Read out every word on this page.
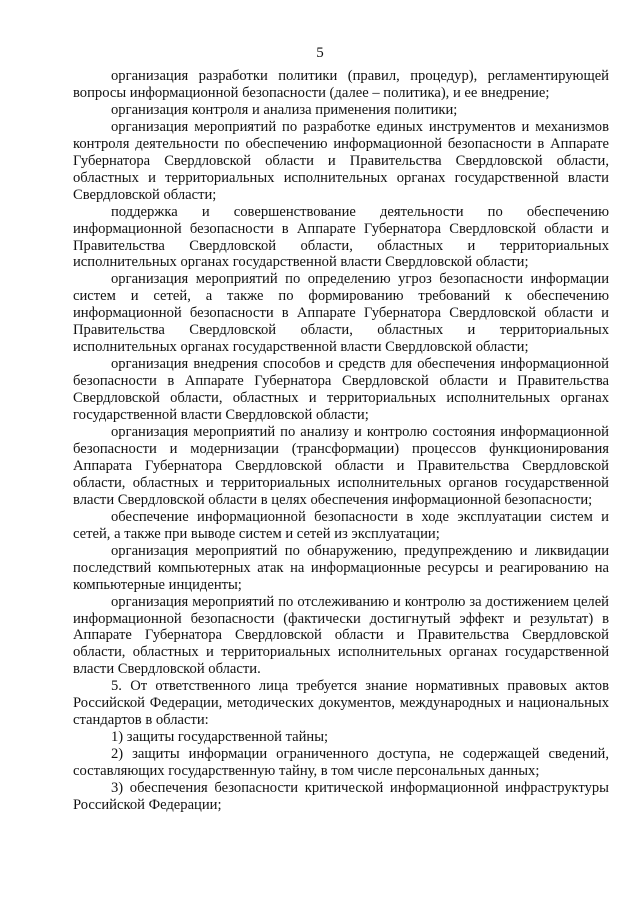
5

организация разработки политики (правил, процедур), регламентирующей вопросы информационной безопасности (далее – политика), и ее внедрение;

организация контроля и анализа применения политики;

организация мероприятий по разработке единых инструментов и механизмов контроля деятельности по обеспечению информационной безопасности в Аппарате Губернатора Свердловской области и Правительства Свердловской области, областных и территориальных исполнительных органах государственной власти Свердловской области;

поддержка и совершенствование деятельности по обеспечению информационной безопасности в Аппарате Губернатора Свердловской области и Правительства Свердловской области, областных и территориальных исполнительных органах государственной власти Свердловской области;

организация мероприятий по определению угроз безопасности информации систем и сетей, а также по формированию требований к обеспечению информационной безопасности в Аппарате Губернатора Свердловской области и Правительства Свердловской области, областных и территориальных исполнительных органах государственной власти Свердловской области;

организация внедрения способов и средств для обеспечения информационной безопасности в Аппарате Губернатора Свердловской области и Правительства Свердловской области, областных и территориальных исполнительных органах государственной власти Свердловской области;

организация мероприятий по анализу и контролю состояния информационной безопасности и модернизации (трансформации) процессов функционирования Аппарата Губернатора Свердловской области и Правительства Свердловской области, областных и территориальных исполнительных органов государственной власти Свердловской области в целях обеспечения информационной безопасности;

обеспечение информационной безопасности в ходе эксплуатации систем и сетей, а также при выводе систем и сетей из эксплуатации;

организация мероприятий по обнаружению, предупреждению и ликвидации последствий компьютерных атак на информационные ресурсы и реагированию на компьютерные инциденты;

организация мероприятий по отслеживанию и контролю за достижением целей информационной безопасности (фактически достигнутый эффект и результат) в Аппарате Губернатора Свердловской области и Правительства Свердловской области, областных и территориальных исполнительных органах государственной власти Свердловской области.

5. От ответственного лица требуется знание нормативных правовых актов Российской Федерации, методических документов, международных и национальных стандартов в области:

1) защиты государственной тайны;

2) защиты информации ограниченного доступа, не содержащей сведений, составляющих государственную тайну, в том числе персональных данных;

3) обеспечения безопасности критической информационной инфраструктуры Российской Федерации;
